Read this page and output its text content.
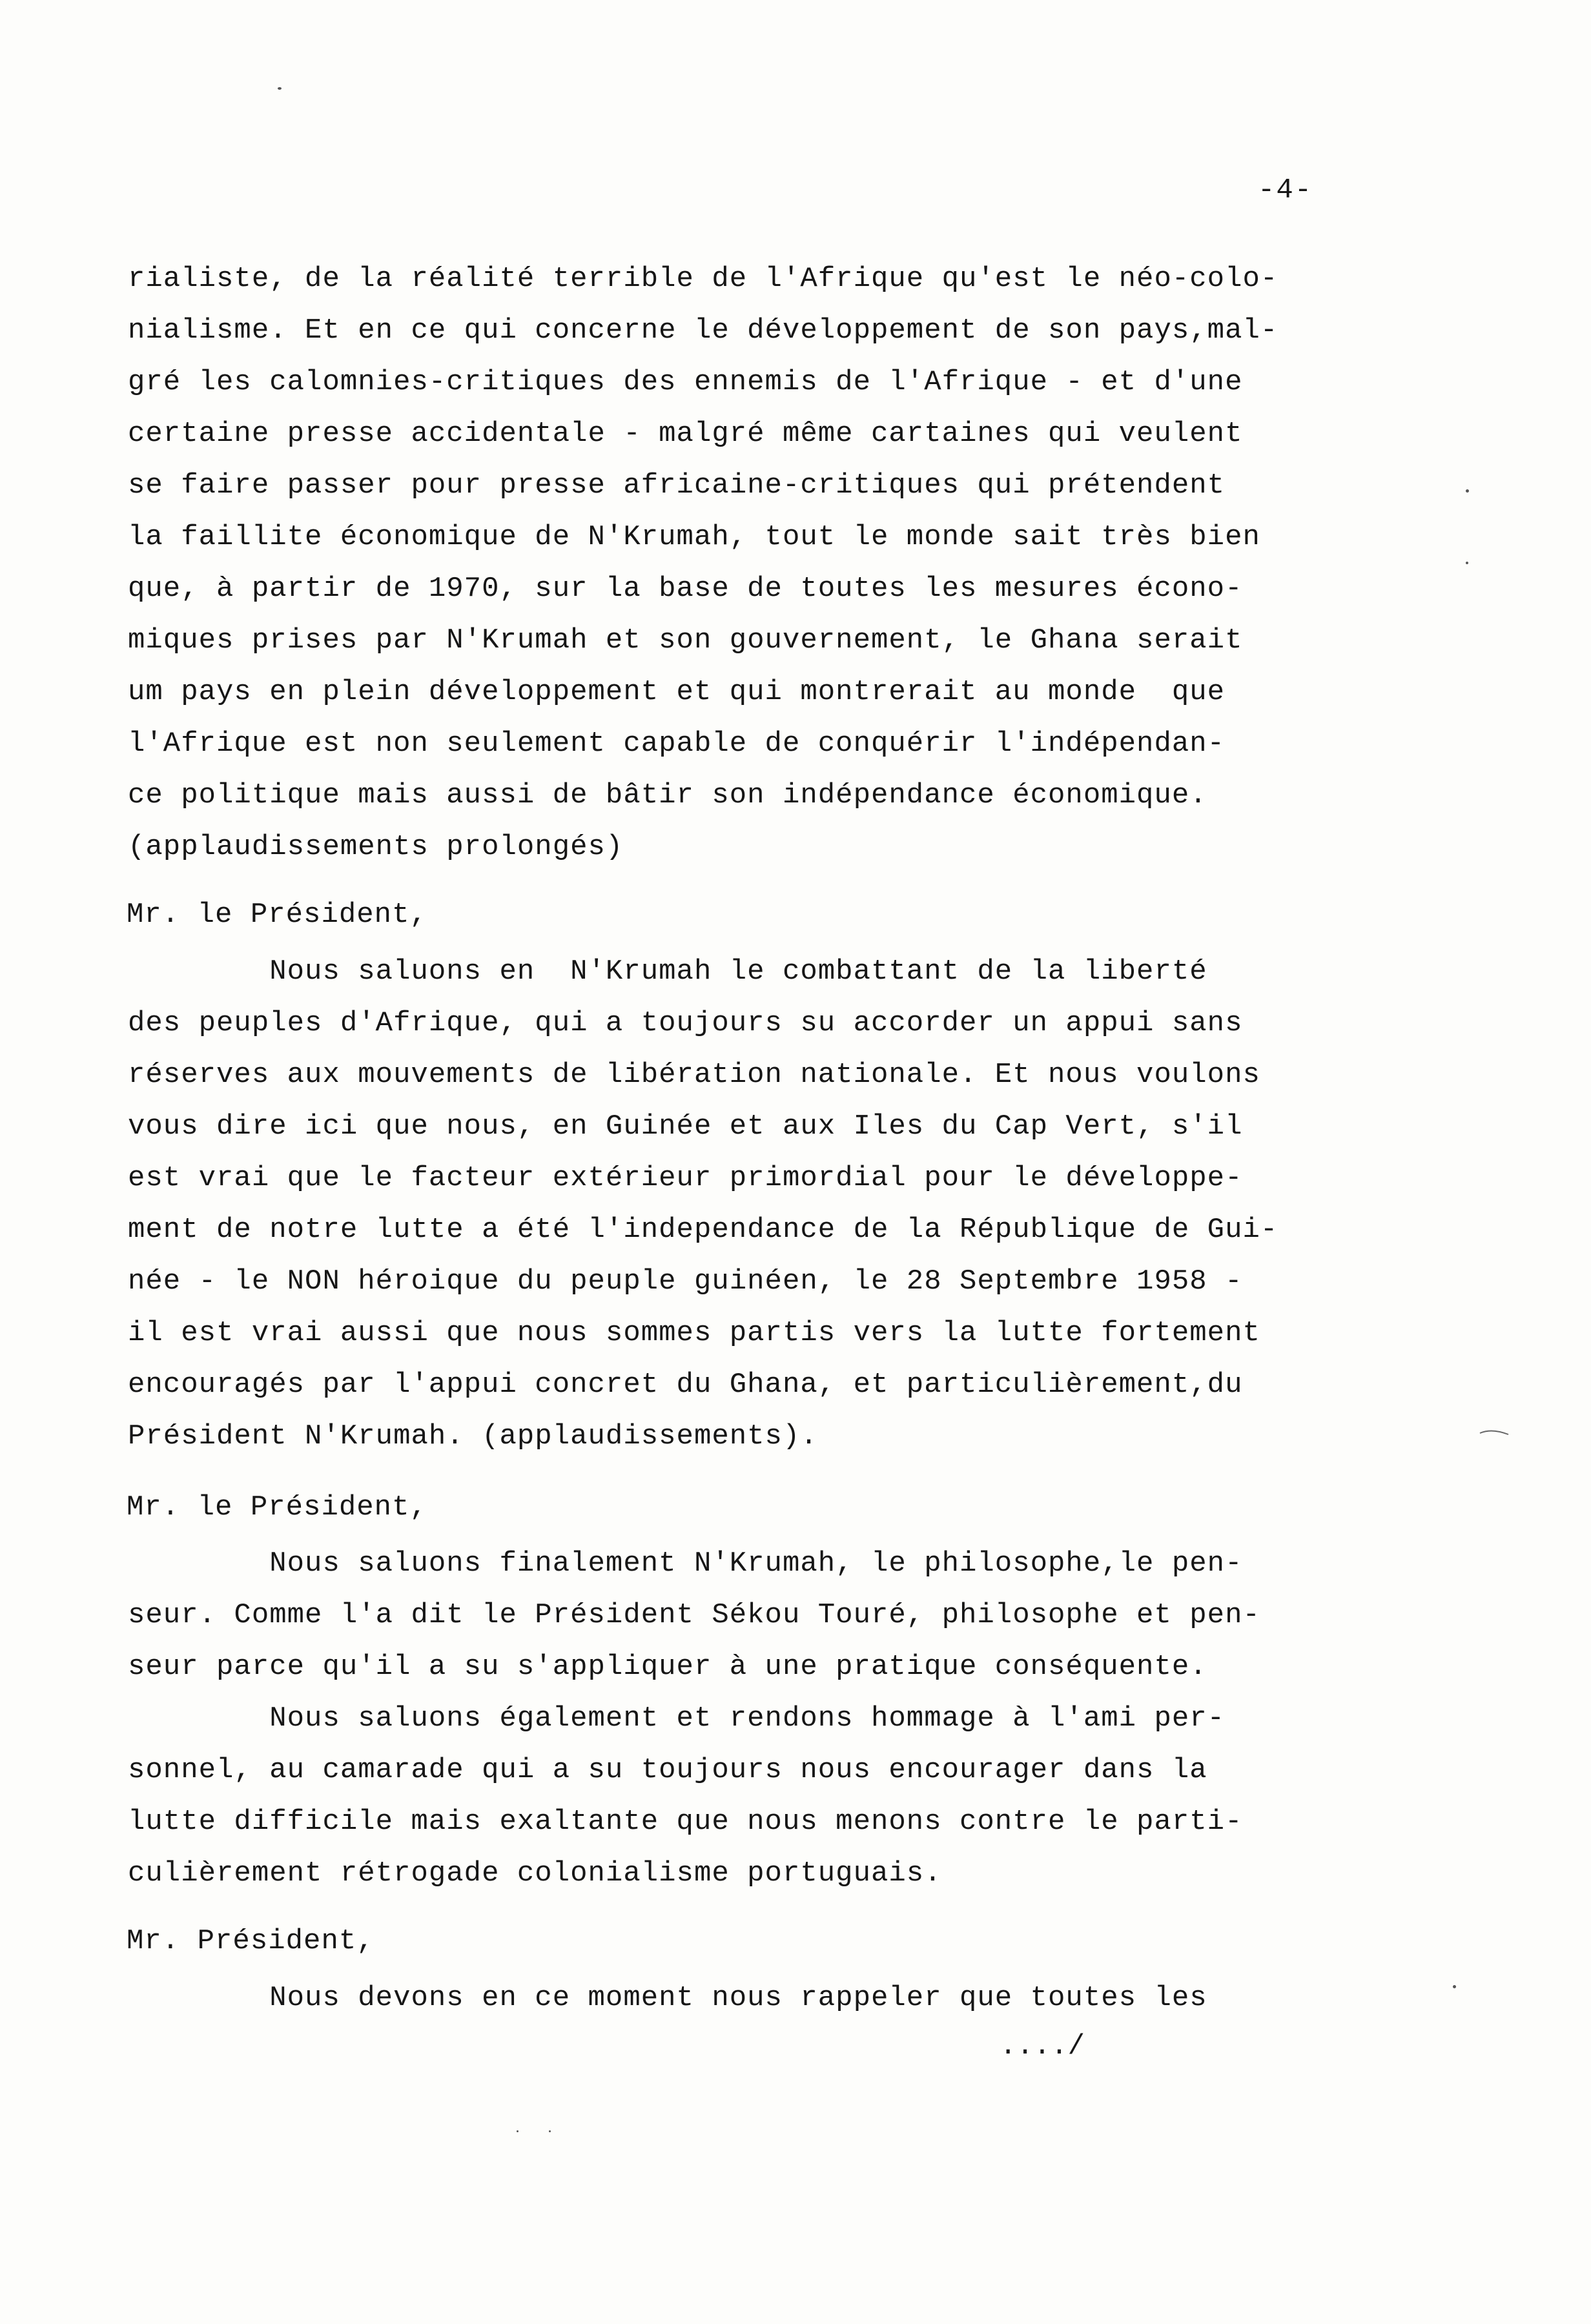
-4-
rialiste, de la réalité terrible de l'Afrique qu'est le néo-colo-
nialisme. Et en ce qui concerne le développement de son pays,mal-
gré les calomnies-critiques des ennemis de l'Afrique - et d'une
certaine presse accidentale - malgré même cartaines qui veulent
se faire passer pour presse africaine-critiques qui prétendent
la faillite économique de N'Krumah, tout le monde sait très bien
que, à partir de 1970, sur la base de toutes les mesures écono-
miques prises par N'Krumah et son gouvernement, le Ghana serait
um pays en plein développement et qui montrerait au monde  que
l'Afrique est non seulement capable de conquérir l'indépendan-
ce politique mais aussi de bâtir son indépendance économique.
(applaudissements prolongés)
Mr. le Président,
Nous saluons en  N'Krumah le combattant de la liberté
des peuples d'Afrique, qui a toujours su accorder un appui sans
réserves aux mouvements de libération nationale. Et nous voulons
vous dire ici que nous, en Guinée et aux Iles du Cap Vert, s'il
est vrai que le facteur extérieur primordial pour le développe-
ment de notre lutte a été l'independance de la République de Gui-
née - le NON héroique du peuple guinéen, le 28 Septembre 1958 -
il est vrai aussi que nous sommes partis vers la lutte fortement
encouragés par l'appui concret du Ghana, et particulièrement,du
Président N'Krumah. (applaudissements).
Mr. le Président,
Nous saluons finalement N'Krumah, le philosophe,le pen-
seur. Comme l'a dit le Président Sékou Touré, philosophe et pen-
seur parce qu'il a su s'appliquer à une pratique conséquente.
Nous saluons également et rendons hommage à l'ami per-
sonnel, au camarade qui a su toujours nous encourager dans la
lutte difficile mais exaltante que nous menons contre le parti-
culièrement rétrogade colonialisme portuguais.
Mr. Président,
Nous devons en ce moment nous rappeler que toutes les
..../
